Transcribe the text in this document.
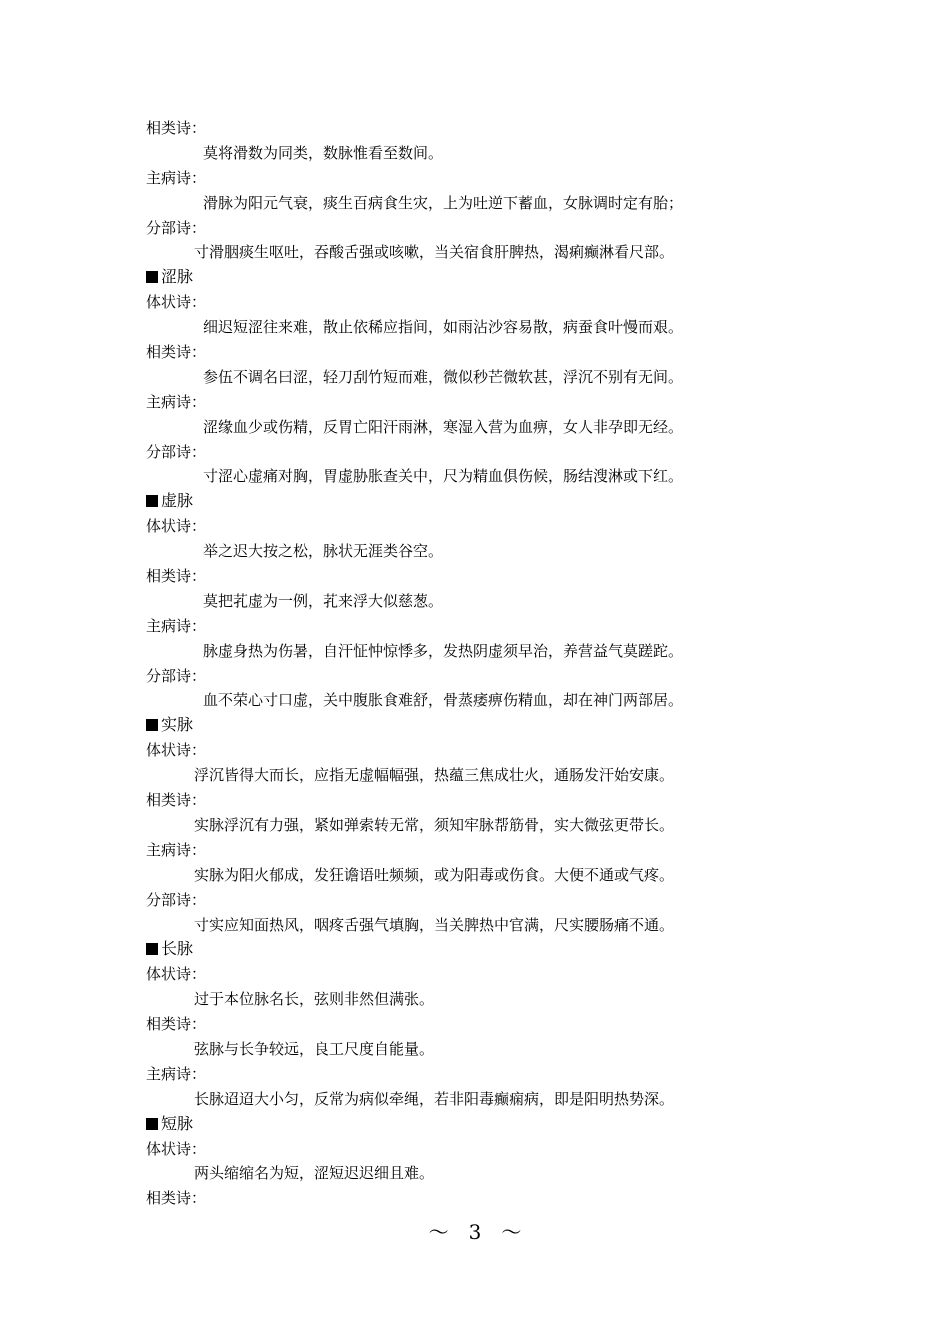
相类诗：
莫将滑数为同类，数脉惟看至数间。
主病诗：
滑脉为阳元气衰，痰生百病食生灾，上为吐逆下蓄血，女脉调时定有胎；
分部诗：
寸滑胭痰生呕吐，吞酸舌强或咳嗽，当关宿食肝脾热，渴痢癫淋看尺部。
涩脉
体状诗：
细迟短涩往来难，散止依稀应指间，如雨沾沙容易散，病蚕食叶慢而艰。
相类诗：
参伍不调名曰涩，轻刀刮竹短而难，微似秒芒微软甚，浮沉不别有无间。
主病诗：
涩缘血少或伤精，反胃亡阳汗雨淋，寒湿入营为血痹，女人非孕即无经。
分部诗：
寸涩心虚痛对胸，胃虚胁胀查关中，尺为精血俱伤候，肠结溲淋或下红。
虚脉
体状诗：
举之迟大按之松，脉状无涯类谷空。
相类诗：
莫把芤虚为一例，芤来浮大似慈葱。
主病诗：
脉虚身热为伤暑，自汗怔忡惊悸多，发热阴虚须早治，养营益气莫蹉跎。
分部诗：
血不荣心寸口虚，关中腹胀食难舒，骨蒸痿痹伤精血，却在神门两部居。
实脉
体状诗：
浮沉皆得大而长，应指无虚幅幅强，热蕴三焦成壮火，通肠发汗始安康。
相类诗：
实脉浮沉有力强，紧如弹索转无常，须知牢脉帮筋骨，实大微弦更带长。
主病诗：
实脉为阳火郁成，发狂谵语吐频频，或为阳毒或伤食。大便不通或气疼。
分部诗：
寸实应知面热风，咽疼舌强气填胸，当关脾热中官满，尺实腰肠痛不通。
长脉
体状诗：
过于本位脉名长，弦则非然但满张。
相类诗：
弦脉与长争较远，良工尺度自能量。
主病诗：
长脉迢迢大小匀，反常为病似牵绳，若非阳毒癫痫病，即是阳明热势深。
短脉
体状诗：
两头缩缩名为短，涩短迟迟细且难。
相类诗：
～　3　～
